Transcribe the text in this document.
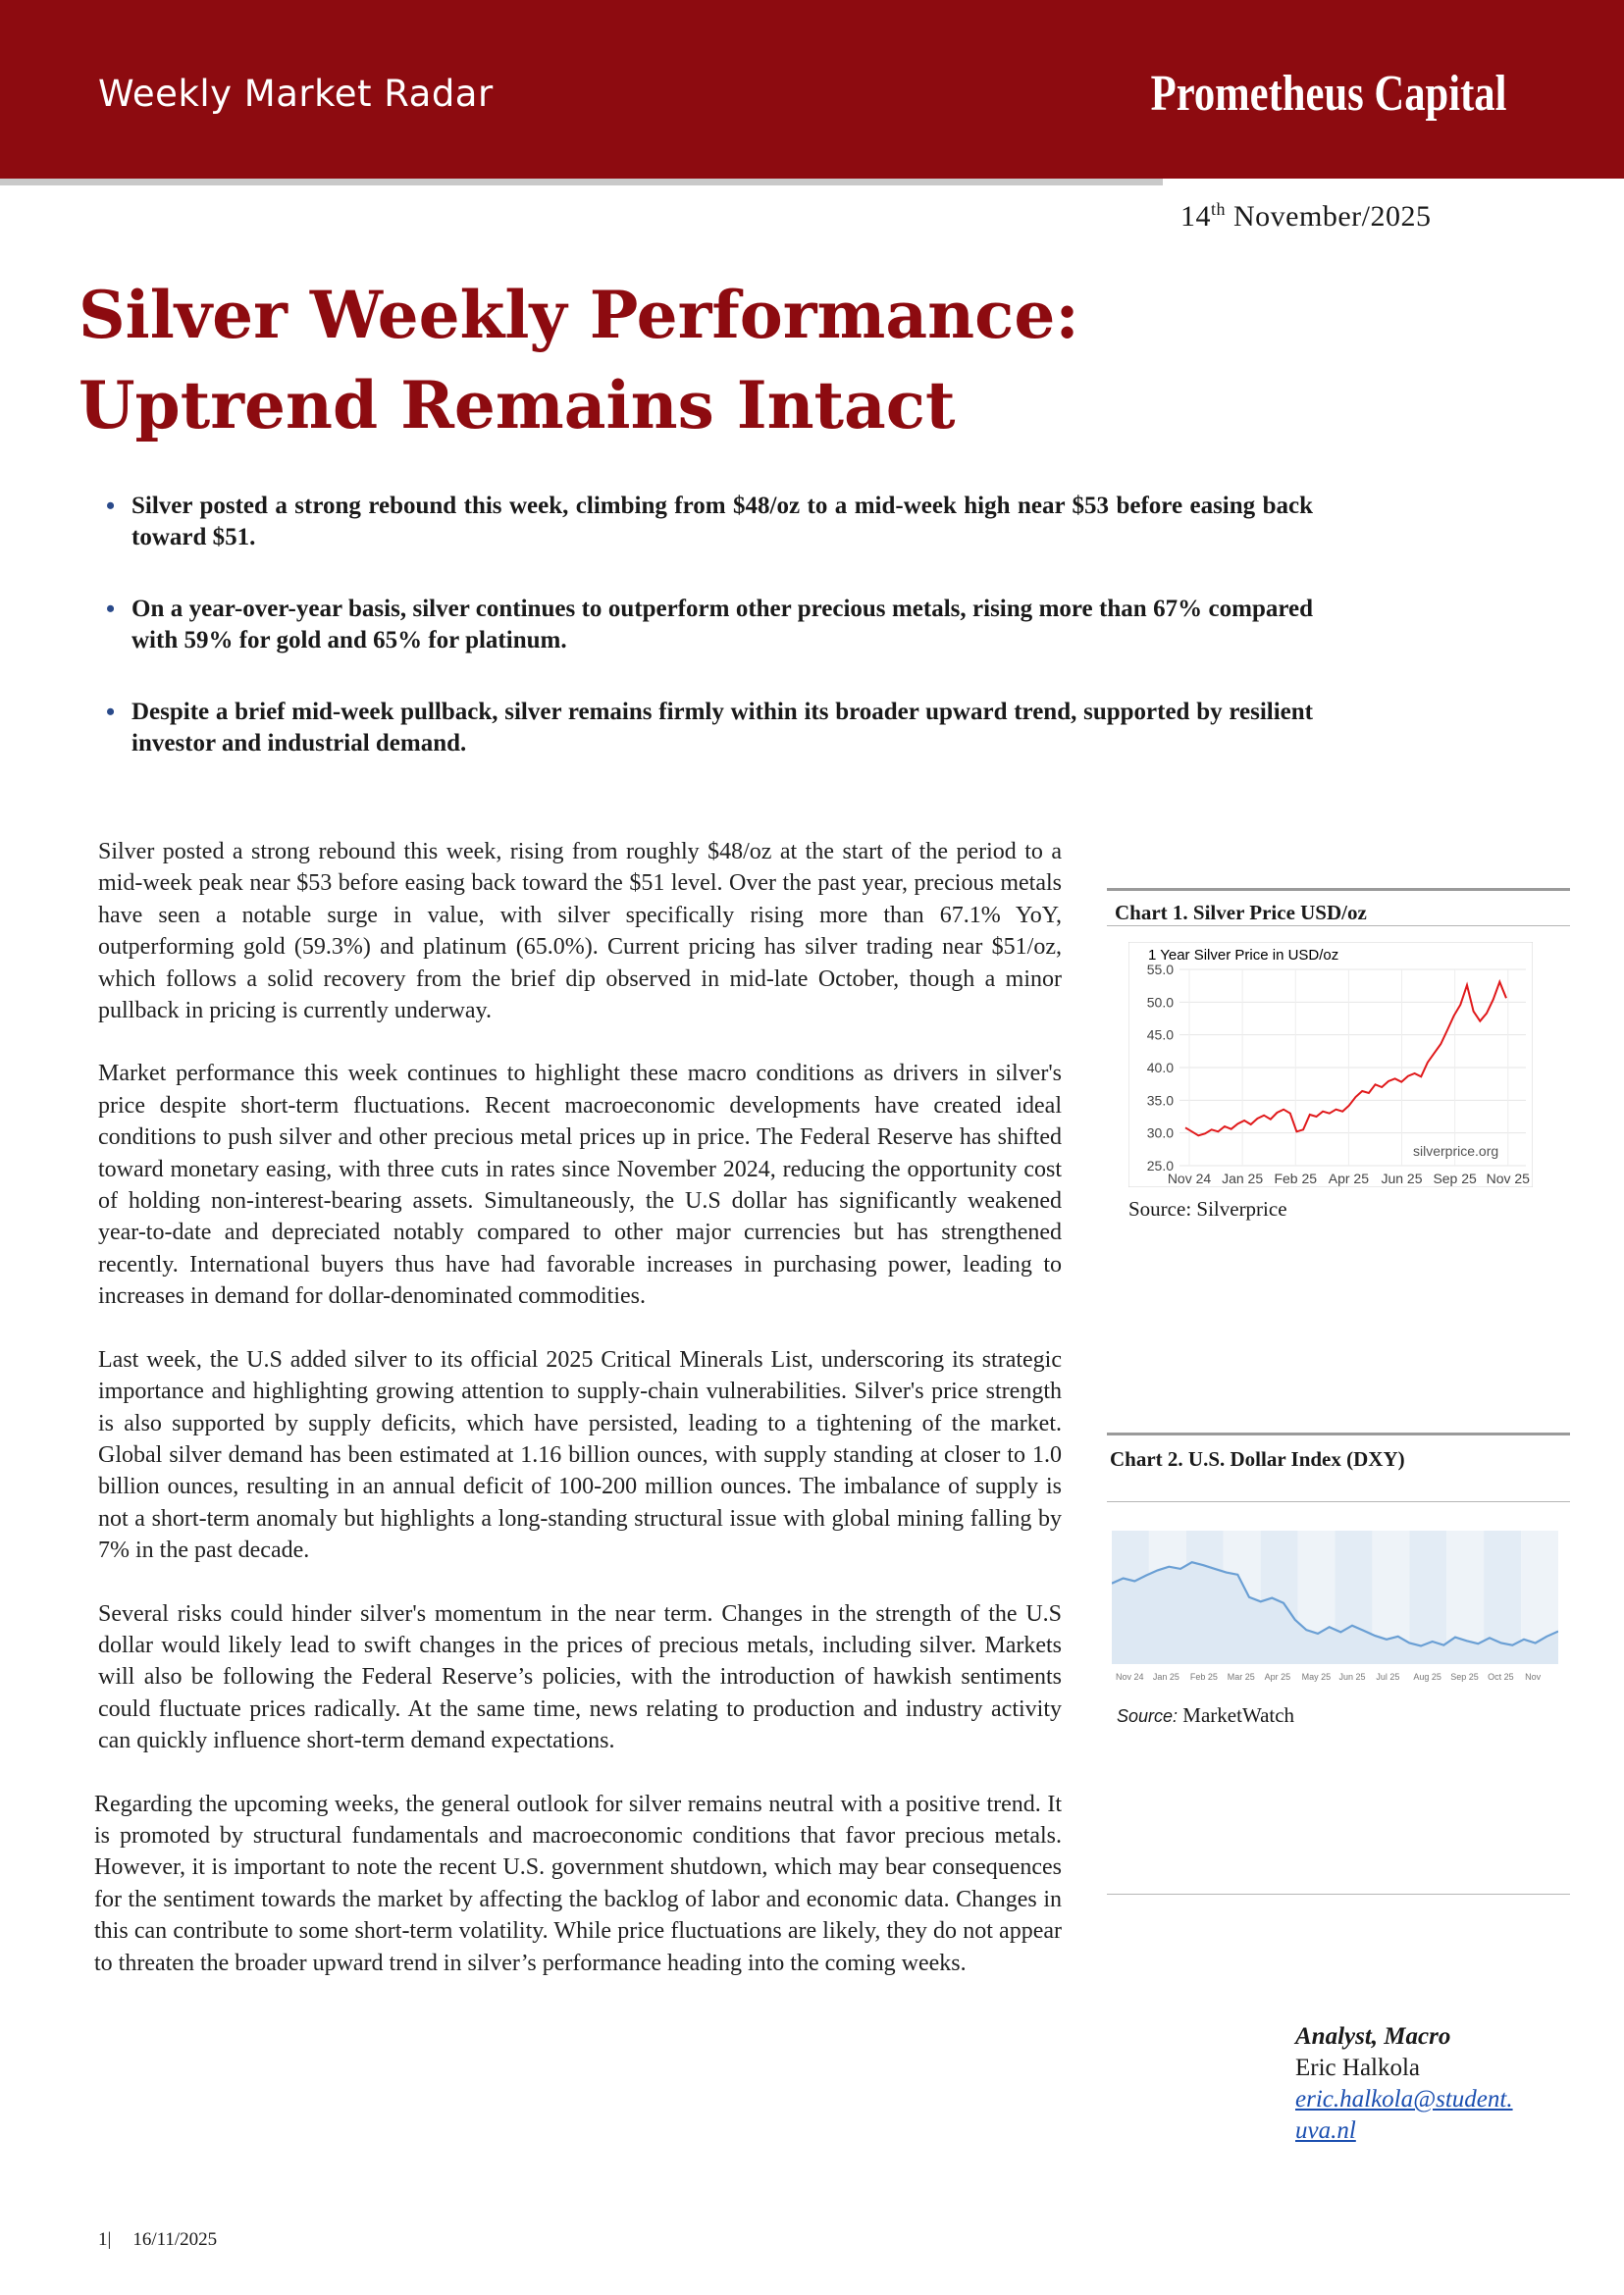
Weekly Market Radar	Prometheus Capital
14th November/2025
Silver Weekly Performance:
Uptrend Remains Intact
• Silver posted a strong rebound this week, climbing from $48/oz to a mid-week high near $53 before easing back toward $51.
• On a year-over-year basis, silver continues to outperform other precious metals, rising more than 67% compared with 59% for gold and 65% for platinum.
• Despite a brief mid-week pullback, silver remains firmly within its broader upward trend, supported by resilient investor and industrial demand.

Silver posted a strong rebound this week, rising from roughly $48/oz at the start of the period to a mid-week peak near $53 before easing back toward the $51 level. Over the past year, precious metals have seen a notable surge in value, with silver specifically rising more than 67.1% YoY, outperforming gold (59.3%) and platinum (65.0%). Current pricing has silver trading near $51/oz, which follows a solid recovery from the brief dip observed in mid-late October, though a minor pullback in pricing is currently underway.

Market performance this week continues to highlight these macro conditions as drivers in silver's price despite short-term fluctuations. Recent macroeconomic developments have created ideal conditions to push silver and other precious metal prices up in price. The Federal Reserve has shifted toward monetary easing, with three cuts in rates since November 2024, reducing the opportunity cost of holding non-interest-bearing assets. Simultaneously, the U.S dollar has significantly weakened year-to-date and depreciated notably compared to other major currencies but has strengthened recently. International buyers thus have had favorable increases in purchasing power, leading to increases in demand for dollar-denominated commodities.

Last week, the U.S added silver to its official 2025 Critical Minerals List, underscoring its strategic importance and highlighting growing attention to supply-chain vulnerabilities. Silver's price strength is also supported by supply deficits, which have persisted, leading to a tightening of the market. Global silver demand has been estimated at 1.16 billion ounces, with supply standing at closer to 1.0 billion ounces, resulting in an annual deficit of 100-200 million ounces. The imbalance of supply is not a short-term anomaly but highlights a long-standing structural issue with global mining falling by 7% in the past decade.

Several risks could hinder silver's momentum in the near term. Changes in the strength of the U.S dollar would likely lead to swift changes in the prices of precious metals, including silver. Markets will also be following the Federal Reserve’s policies, with the introduction of hawkish sentiments could fluctuate prices radically. At the same time, news relating to production and industry activity can quickly influence short-term demand expectations.

Regarding the upcoming weeks, the general outlook for silver remains neutral with a positive trend. It is promoted by structural fundamentals and macroeconomic conditions that favor precious metals. However, it is important to note the recent U.S. government shutdown, which may bear consequences for the sentiment towards the market by affecting the backlog of labor and economic data. Changes in this can contribute to some short-term volatility. While price fluctuations are likely, they do not appear to threaten the broader upward trend in silver’s performance heading into the coming weeks.

Chart 1. Silver Price USD/oz
1 Year Silver Price in USD/oz
55.0
50.0
45.0
40.0
35.0
30.0
25.0
Nov 24 Jan 25 Feb 25 Apr 25 Jun 25 Sep 25 Nov 25
silverprice.org
Source: Silverprice
Chart 2. U.S. Dollar Index (DXY)
Nov 24 Jan 25 Feb 25 Mar 25 Apr 25 May 25 Jun 25 Jul 25 Aug 25 Sep 25 Oct 25 Nov
Source: MarketWatch
Analyst, Macro
Eric Halkola
eric.halkola@student.
uva.nl
1| 16/11/2025
